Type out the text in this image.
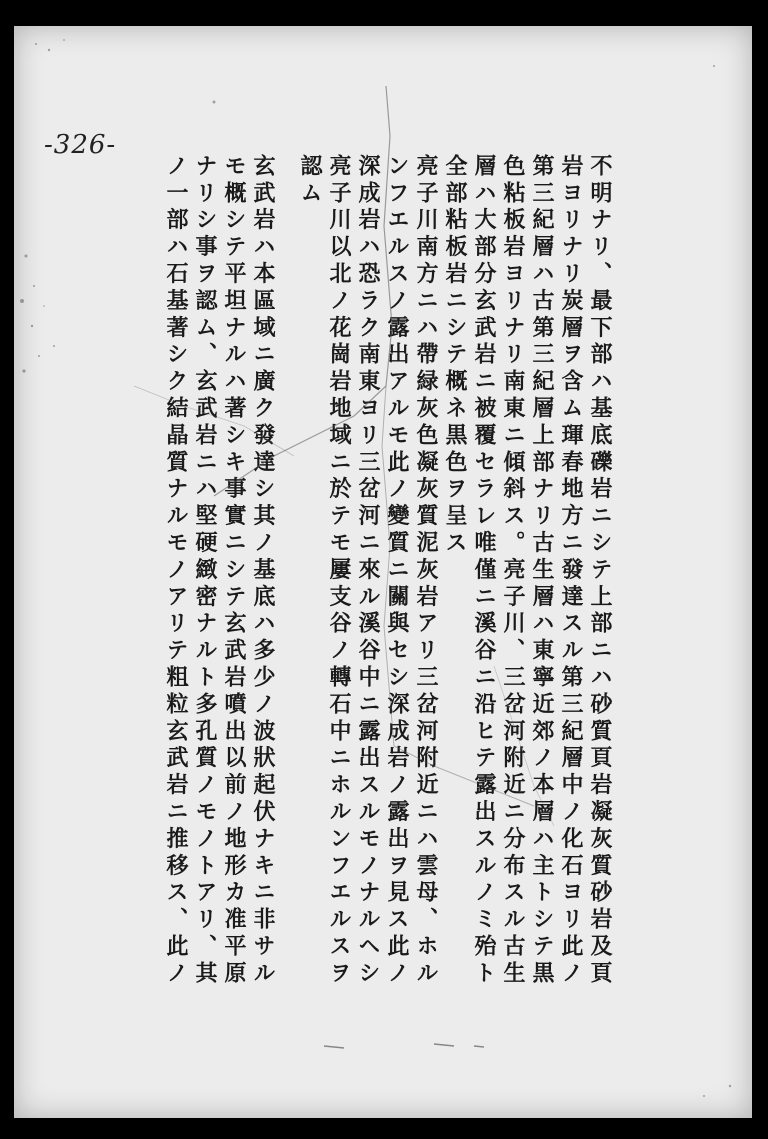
-326-
不明ナリ、最下部ハ基底礫岩ニシテ上部ニハ砂質頁岩凝灰質砂岩及頁
岩ヨリナリ炭層ヲ含ム琿春地方ニ發達スル第三紀層中ノ化石ヨリ此ノ
第三紀層ハ古第三紀層上部ナリ古生層ハ東寧近郊ノ本層ハ主トシテ黒
色粘板岩ヨリナリ南東ニ傾斜ス。亮子川、三岔河附近ニ分布スル古生
層ハ大部分玄武岩ニ被覆セラレ唯僅ニ溪谷ニ沿ヒテ露出スルノミ殆ト
全部粘板岩ニシテ概ネ黒色ヲ呈ス
亮子川南方ニハ帶緑灰色凝灰質泥灰岩アリ三岔河附近ニハ雲母、ホル
ンフエルスノ露出アルモ此ノ變質ニ關與セシ深成岩ノ露出ヲ見ス此ノ
深成岩ハ恐ラク南東ヨリ三岔河ニ來ル溪谷中ニ露出スルモノナルヘシ
亮子川以北ノ花崗岩地域ニ於テモ屢支谷ノ轉石中ニホルンフエルスヲ
認ム
玄武岩ハ本區域ニ廣ク發達シ其ノ基底ハ多少ノ波狀起伏ナキニ非サル
モ概シテ平坦ナルハ著シキ事實ニシテ玄武岩噴出以前ノ地形カ准平原
ナリシ事ヲ認ム、玄武岩ニハ堅硬緻密ナルト多孔質ノモノトアリ、其
ノ一部ハ石基著シク結晶質ナルモノアリテ粗粒玄武岩ニ推移ス、此ノ
